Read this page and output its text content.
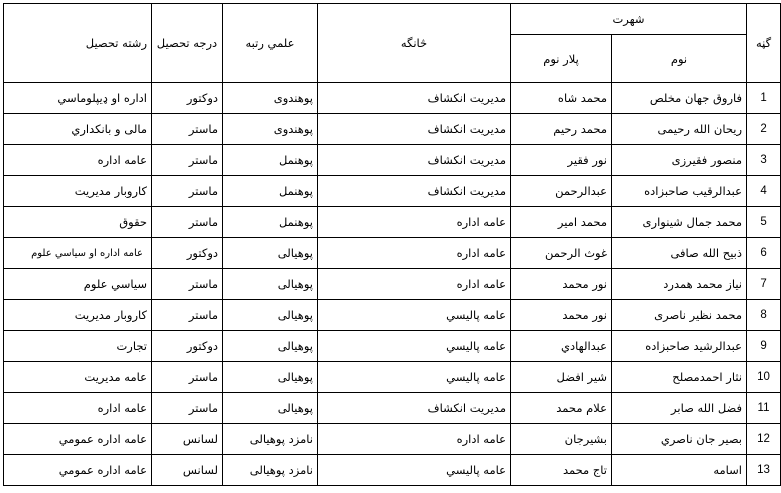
گڼه	شهرت		څانگه	علمي رتبه	درجه تحصیل	رشته تحصیل
	نوم	پلار نوم				
1	فاروق جهان مخلص	محمد شاه	مدیریت انکشاف	پوهندوی	دوکتور	اداره او ډیپلوماسي
2	ریحان الله رحیمی	محمد رحیم	مدیریت انکشاف	پوهندوی	ماستر	مالی و بانکداري
3	منصور فقیرزی	نور فقیر	مدیریت انکشاف	پوهنمل	ماستر	عامه اداره
4	عبدالرقیب صاحبزاده	عبدالرحمن	مدیریت انکشاف	پوهنمل	ماستر	کاروبار مدیریت
5	محمد جمال شینواری	محمد امیر	عامه اداره	پوهنمل	ماستر	حقوق
6	ذبیح الله صافی	غوث الرحمن	عامه اداره	پوهیالی	دوکتور	عامه اداره او سیاسي علوم
7	نیاز محمد همدرد	نور محمد	عامه اداره	پوهیالی	ماستر	سیاسي علوم
8	محمد نظیر ناصری	نور محمد	عامه پالیسي	پوهیالی	ماستر	کاروبار مدیریت
9	عبدالرشید صاحبزاده	عبدالهادي	عامه پالیسي	پوهیالی	دوکتور	تجارت
10	نثار احمدمصلح	شیر افضل	عامه پالیسي	پوهیالی	ماستر	عامه مدیریت
11	فضل الله صابر	علام محمد	مدیریت انکشاف	پوهیالی	ماستر	عامه اداره
12	بصیر جان ناصري	بشیرجان	عامه اداره	نامزد پوهیالی	لسانس	عامه اداره عمومي
13	اسامه	تاج محمد	عامه پالیسي	نامزد پوهیالی	لسانس	عامه اداره عمومي
